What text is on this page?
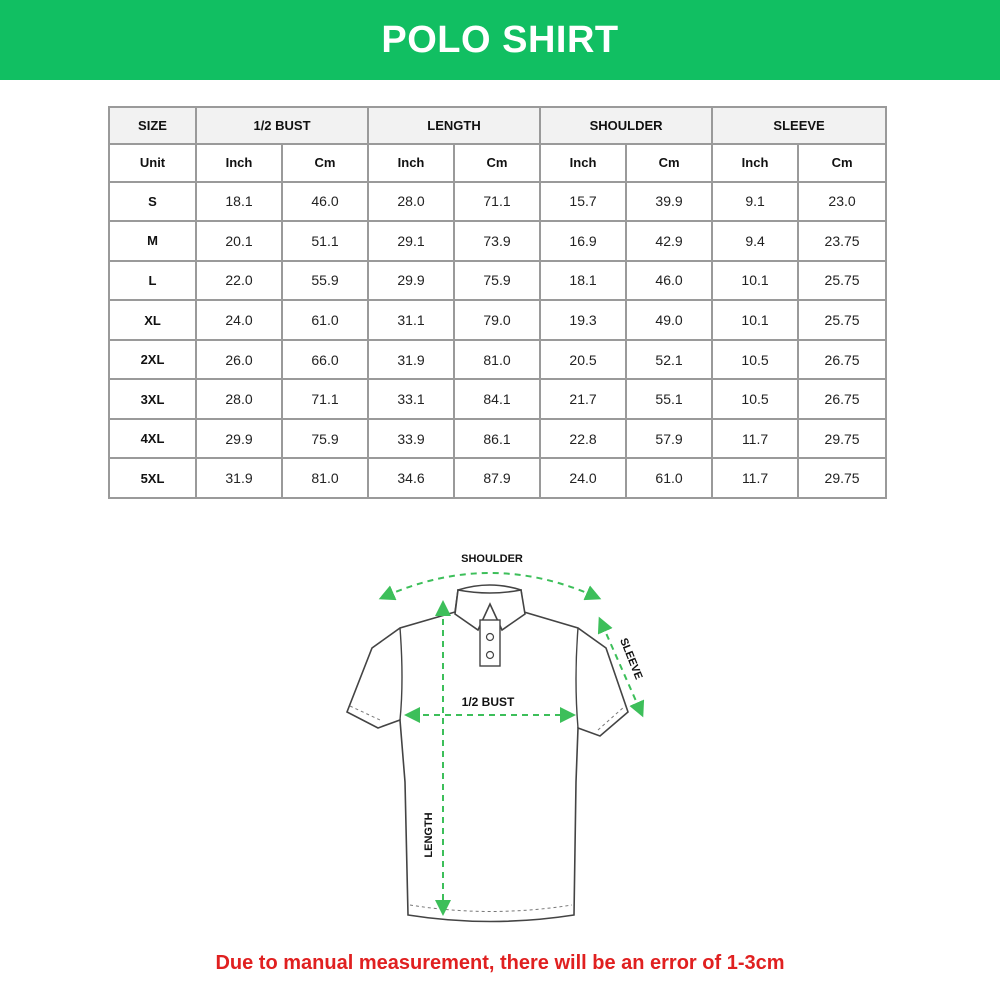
POLO SHIRT
SIZE	1/2 BUST		LENGTH		SHOULDER		SLEEVE	
Unit	Inch	Cm	Inch	Cm	Inch	Cm	Inch	Cm
S	18.1	46.0	28.0	71.1	15.7	39.9	9.1	23.0
M	20.1	51.1	29.1	73.9	16.9	42.9	9.4	23.75
L	22.0	55.9	29.9	75.9	18.1	46.0	10.1	25.75
XL	24.0	61.0	31.1	79.0	19.3	49.0	10.1	25.75
2XL	26.0	66.0	31.9	81.0	20.5	52.1	10.5	26.75
3XL	28.0	71.1	33.1	84.1	21.7	55.1	10.5	26.75
4XL	29.9	75.9	33.9	86.1	22.8	57.9	11.7	29.75
5XL	31.9	81.0	34.6	87.9	24.0	61.0	11.7	29.75
SHOULDER
SLEEVE
1/2 BUST
LENGTH
Due to manual measurement, there will be an error of 1-3cm
